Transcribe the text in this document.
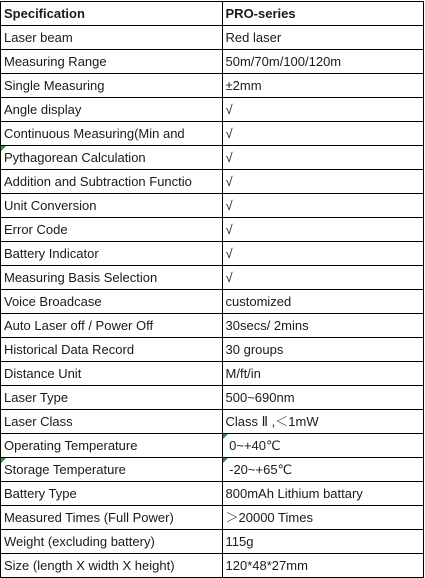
Specification	PRO-series
Laser beam	Red laser
Measuring Range	50m/70m/100/120m
Single Measuring	±2mm
Angle display	√
Continuous Measuring(Min and	√
Pythagorean Calculation	√
Addition and Subtraction Functio	√
Unit Conversion	√
Error Code	√
Battery Indicator	√
Measuring Basis Selection	√
Voice Broadcase	customized
Auto Laser off / Power Off	30secs/ 2mins
Historical Data Record	30 groups
Distance Unit	M/ft/in
Laser Type	500~690nm
Laser Class	Class Ⅱ ,＜1mW
Operating Temperature	0~+40℃

Storage Temperature	-20~+65℃

Battery Type	800mAh Lithium battary
Measured Times (Full Power)	＞20000 Times
Weight (excluding battery)	115g
Size (length X width X height)	120*48*27mm
